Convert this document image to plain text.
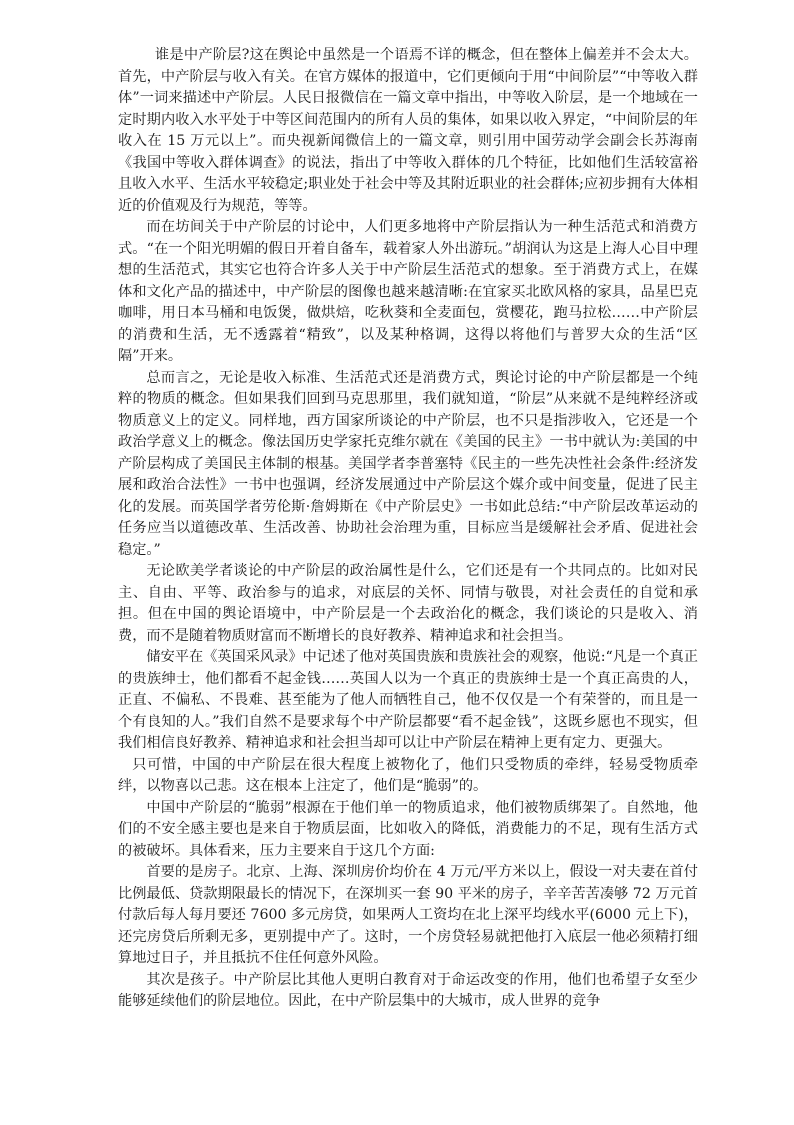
谁是中产阶层?这在舆论中虽然是一个语焉不详的概念，但在整体上偏差并不会太大。首先，中产阶层与收入有关。在官方媒体的报道中，它们更倾向于用“中间阶层”“中等收入群体”一词来描述中产阶层。人民日报微信在一篇文章中指出，中等收入阶层，是一个地域在一定时期内收入水平处于中等区间范围内的所有人员的集体，如果以收入界定，“中间阶层的年收入在 15 万元以上”。而央视新闻微信上的一篇文章，则引用中国劳动学会副会长苏海南《我国中等收入群体调查》的说法，指出了中等收入群体的几个特征，比如他们生活较富裕且收入水平、生活水平较稳定;职业处于社会中等及其附近职业的社会群体;应初步拥有大体相近的价值观及行为规范，等等。

而在坊间关于中产阶层的讨论中，人们更多地将中产阶层指认为一种生活范式和消费方式。“在一个阳光明媚的假日开着自备车，载着家人外出游玩。”胡润认为这是上海人心目中理想的生活范式，其实它也符合许多人关于中产阶层生活范式的想象。至于消费方式上，在媒体和文化产品的描述中，中产阶层的图像也越来越清晰:在宜家买北欧风格的家具，品星巴克咖啡，用日本马桶和电饭煲，做烘焙，吃秋葵和全麦面包，赏樱花，跑马拉松……中产阶层的消费和生活，无不透露着“精致”，以及某种格调，这得以将他们与普罗大众的生活“区隔”开来。

总而言之，无论是收入标准、生活范式还是消费方式，舆论讨论的中产阶层都是一个纯粹的物质的概念。但如果我们回到马克思那里，我们就知道，“阶层”从来就不是纯粹经济或物质意义上的定义。同样地，西方国家所谈论的中产阶层，也不只是指涉收入，它还是一个政治学意义上的概念。像法国历史学家托克维尔就在《美国的民主》一书中就认为:美国的中产阶层构成了美国民主体制的根基。美国学者李普塞特《民主的一些先决性社会条件:经济发展和政治合法性》一书中也强调，经济发展通过中产阶层这个媒介或中间变量，促进了民主化的发展。而英国学者劳伦斯·詹姆斯在《中产阶层史》一书如此总结:“中产阶层改革运动的任务应当以道德改革、生活改善、协助社会治理为重，目标应当是缓解社会矛盾、促进社会稳定。”

无论欧美学者谈论的中产阶层的政治属性是什么，它们还是有一个共同点的。比如对民主、自由、平等、政治参与的追求，对底层的关怀、同情与敬畏，对社会责任的自觉和承担。但在中国的舆论语境中，中产阶层是一个去政治化的概念，我们谈论的只是收入、消费，而不是随着物质财富而不断增长的良好教养、精神追求和社会担当。

储安平在《英国采风录》中记述了他对英国贵族和贵族社会的观察，他说:“凡是一个真正的贵族绅士，他们都看不起金钱……英国人以为一个真正的贵族绅士是一个真正高贵的人，正直、不偏私、不畏难、甚至能为了他人而牺牲自己，他不仅仅是一个有荣誉的，而且是一个有良知的人。”我们自然不是要求每个中产阶层都要“看不起金钱”，这既乡愿也不现实，但我们相信良好教养、精神追求和社会担当却可以让中产阶层在精神上更有定力、更强大。

只可惜，中国的中产阶层在很大程度上被物化了，他们只受物质的牵绊，轻易受物质牵绊，以物喜以己悲。这在根本上注定了，他们是“脆弱”的。

中国中产阶层的“脆弱”根源在于他们单一的物质追求，他们被物质绑架了。自然地，他们的不安全感主要也是来自于物质层面，比如收入的降低，消费能力的不足，现有生活方式的被破坏。具体看来，压力主要来自于这几个方面:

首要的是房子。北京、上海、深圳房价均价在 4 万元/平方米以上，假设一对夫妻在首付比例最低、贷款期限最长的情况下，在深圳买一套 90 平米的房子，辛辛苦苦凑够 72 万元首付款后每人每月要还 7600 多元房贷，如果两人工资均在北上深平均线水平(6000 元上下)，还完房贷后所剩无多，更别提中产了。这时，一个房贷轻易就把他打入底层一他必须精打细算地过日子，并且抵抗不住任何意外风险。

其次是孩子。中产阶层比其他人更明白教育对于命运改变的作用，他们也希望子女至少能够延续他们的阶层地位。因此，在中产阶层集中的大城市，成人世界的竞争
